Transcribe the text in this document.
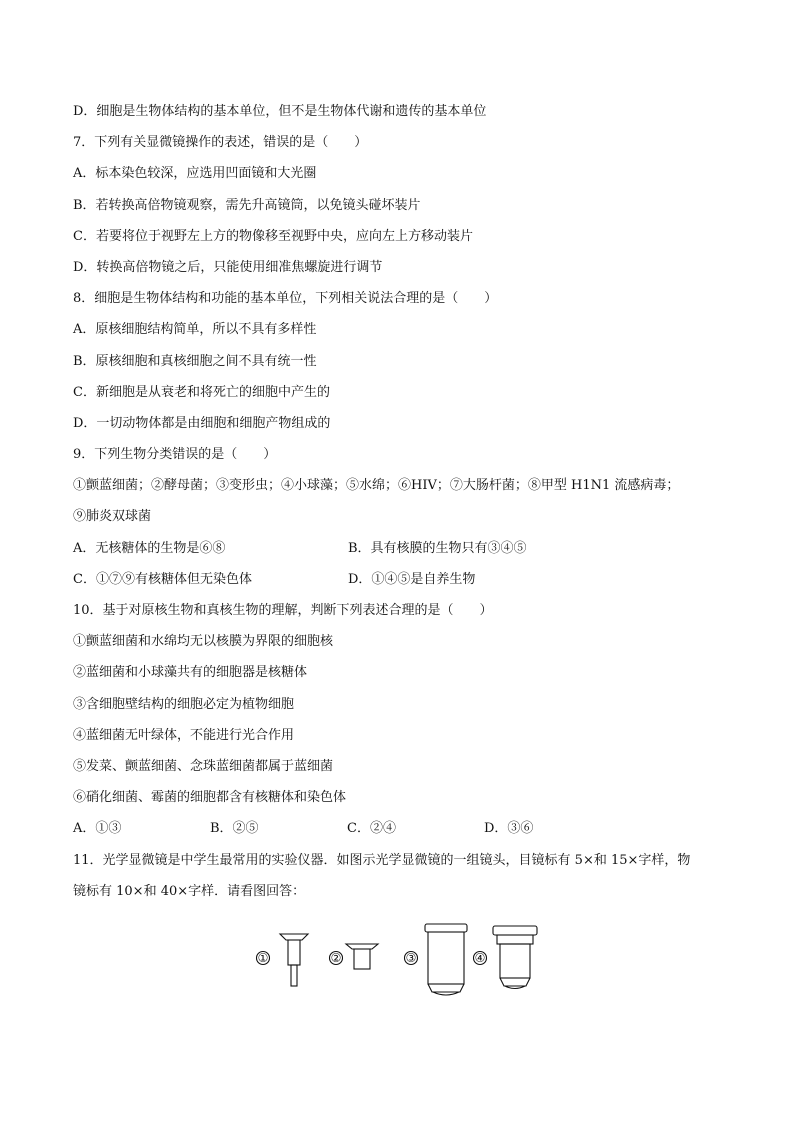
D．细胞是生物体结构的基本单位，但不是生物体代谢和遗传的基本单位
7．下列有关显微镜操作的表述，错误的是（　　）
A．标本染色较深，应选用凹面镜和大光圈
B．若转换高倍物镜观察，需先升高镜筒，以免镜头碰坏装片
C．若要将位于视野左上方的物像移至视野中央，应向左上方移动装片
D．转换高倍物镜之后，只能使用细准焦螺旋进行调节
8．细胞是生物体结构和功能的基本单位，下列相关说法合理的是（　　）
A．原核细胞结构简单，所以不具有多样性
B．原核细胞和真核细胞之间不具有统一性
C．新细胞是从衰老和将死亡的细胞中产生的
D．一切动物体都是由细胞和细胞产物组成的
9．下列生物分类错误的是（　　）
①颤蓝细菌；②酵母菌；③变形虫；④小球藻；⑤水绵；⑥HIV；⑦大肠杆菌；⑧甲型 H1N1 流感病毒；
⑨肺炎双球菌
A．无核糖体的生物是⑥⑧	B．具有核膜的生物只有③④⑤
C．①⑦⑨有核糖体但无染色体	D．①④⑤是自养生物
10．基于对原核生物和真核生物的理解，判断下列表述合理的是（　　）
①颤蓝细菌和水绵均无以核膜为界限的细胞核
②蓝细菌和小球藻共有的细胞器是核糖体
③含细胞壁结构的细胞必定为植物细胞
④蓝细菌无叶绿体，不能进行光合作用
⑤发菜、颤蓝细菌、念珠蓝细菌都属于蓝细菌
⑥硝化细菌、霉菌的细胞都含有核糖体和染色体
A．①③	B．②⑤	C．②④	D．③⑥
11．光学显微镜是中学生最常用的实验仪器．如图示光学显微镜的一组镜头，目镜标有 5×和 15×字样，物
镜标有 10×和 40×字样．请看图回答：
①	②	③	④
